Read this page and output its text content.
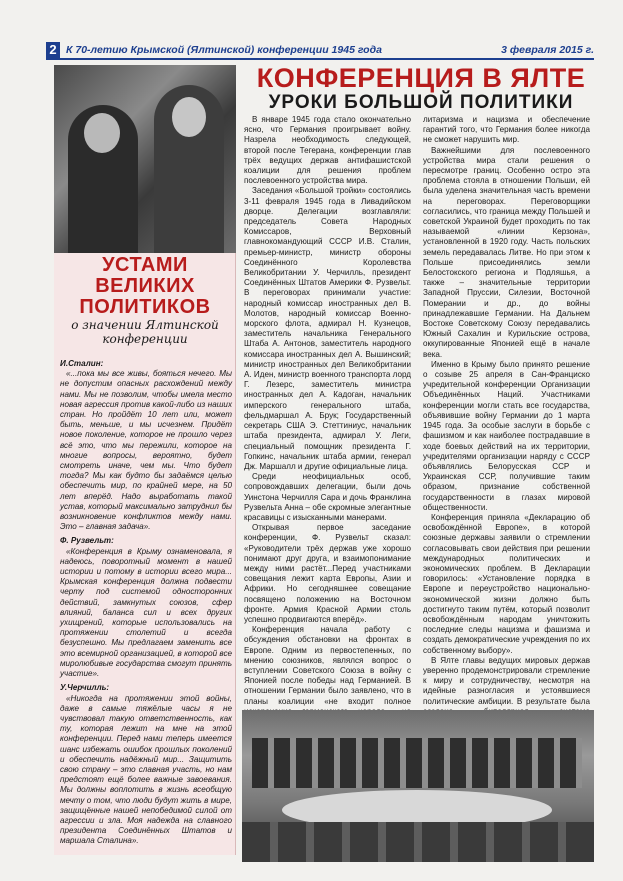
2 К 70-летию Крымской (Ялтинской) конференции 1945 года	3 февраля 2015 г.
УСТАМИ ВЕЛИКИХ ПОЛИТИКОВ
о значении Ялтинской конференции
И.Сталин:
«...пока мы все живы, бояться нечего. Мы не допустим опасных расхождений между нами. Мы не позволим, чтобы имела место новая агрессия против какой-либо из наших стран. Но пройдёт 10 лет или, может быть, меньше, и мы исчезнем. Придёт новое поколение, которое не прошло через всё это, что мы пережили, которое на многие вопросы, вероятно, будет смотреть иначе, чем мы. Что будет тогда? Мы как будто бы задаёмся целью обеспечить мир, по крайней мере, на 50 лет вперёд. Надо выработать такой устав, который максимально затруднил бы возникновение конфликтов между нами. Это – главная задача».
Ф. Рузвельт:
«Конференция в Крыму ознаменовала, я надеюсь, поворотный момент в нашей истории и потому в истории всего мира... Крымская конференция должна подвести черту под системой односторонних действий, замкнутых союзов, сфер влияний, баланса сил и всех других ухищрений, которые использовались на протяжении столетий и всегда безуспешно. Мы предлагаем заменить все это всемирной организацией, в которой все миролюбивые государства смогут принять участие».
У.Черчилль:
«Никогда на протяжении этой войны, даже в самые тяжёлые часы я не чувствовал такую ответственность, как ту, которая лежит на мне на этой конференции. Перед нами теперь имеется шанс избежать ошибок прошлых поколений и обеспечить надёжный мир... Защитить свою страну – это славная участь, но нам предстоят ещё более важные завоевания. Мы должны воплотить в жизнь всеобщую мечту о том, что люди будут жить в мире, защищённые нашей непобедимой силой от агрессии и зла. Моя надежда на славного президента Соединённых Штатов и маршала Сталина».
КОНФЕРЕНЦИЯ В ЯЛТЕ
УРОКИ БОЛЬШОЙ ПОЛИТИКИ

В январе 1945 года стало окончательно ясно, что Германия проигрывает войну. Назрела необходимость следующей, второй после Тегерана, конференции глав трёх ведущих держав антифашистской коалиции для решения проблем послевоенного устройства мира.

Заседания «Большой тройки» состоялись 3-11 февраля 1945 года в Ливадийском дворце. Делегации возглавляли: председатель Совета Народных Комиссаров, Верховный главнокомандующий СССР И.В. Сталин, премьер-министр, министр обороны Соединённого Королевства Великобритании У. Черчилль, президент Соединённых Штатов Америки Ф. Рузвельт. В переговорах принимали участие: народный комиссар иностранных дел В. Молотов, народный комиссар Военно-морского флота, адмирал Н. Кузнецов, заместитель начальника Генерального Штаба А. Антонов, заместитель народного комиссара иностранных дел А. Вышинский; министр иностранных дел Великобритании А. Иден, министр военного транспорта лорд Г. Лезерс, заместитель министра иностранных дел А. Кадоган, начальник имперского генерального штаба, фельдмаршал А. Брук; Государственный секретарь США Э. Стеттиниус, начальник штаба президента, адмирал У. Леги, специальный помощник президента Г. Гопкинс, начальник штаба армии, генерал Дж. Маршалл и другие официальные лица.

Среди неофициальных особ, сопровождавших делегации, были дочь Уинстона Черчилля Сара и дочь Франклина Рузвельта Анна – обе скромные элегантные красавицы с изысканными манерами.

Открывая первое заседание конференции, Ф. Рузвельт сказал: «Руководители трёх держав уже хорошо понимают друг друга, и взаимопонимание между ними растёт...Перед участниками совещания лежит карта Европы, Азии и Африки. Но сегодняшнее совещание посвящено положению на Восточном фронте. Армия Красной Армии столь успешно продвигаются вперёд».

Конференция начала работу с обсуждения обстановки на фронтах в Европе. Одним из первостепенных, по мнению союзников, являлся вопрос о вступлении Советского Союза в войну с Японией после победы над Германией. В отношении Германии было заявлено, что в планы коалиции «не входит полное

литаризма и нацизма и обеспечение гарантий того, что Германия более никогда не сможет нарушить мир.

Важнейшими для послевоенного устройства мира стали решения о пересмотре границ. Особенно остро эта проблема стояла в отношении Польши, ей была уделена значительная часть времени на переговорах. Переговорщики согласились, что граница между Польшей и советской Украиной будет проходить по так называемой «линии Керзона», установленной в 1920 году. Часть польских земель передавалась Литве. Но при этом к Польше присоединялись земли Белостокского региона и Подляшья, а также – значительные территории Западной Пруссии, Силезии, Восточной Померании и др., до войны принадлежавшие Германии. На Дальнем Востоке Советскому Союзу передавались Южный Сахалин и Курильские острова, оккупированные Японией ещё в начале века.

Именно в Крыму было принято решение о созыве 25 апреля в Сан-Франциско учредительной конференции Организации Объединённых Наций. Участниками конференции могли стать все государства, объявившие войну Германии до 1 марта 1945 года. За особые заслуги в борьбе с фашизмом и как наиболее пострадавшие в ходе боевых действий на их территории, учредителями организации наряду с СССР объявлялись Белорусская ССР и Украинская ССР, получившие таким образом, признание собственной государственности в глазах мировой общественности.

Конференция приняла «Декларацию об освобождённой Европе», в которой союзные державы заявили о стремлении согласовывать свои действия при решении международных политических и экономических проблем. В Декларации говорилось: «Установление порядка в Европе и переустройство национально-экономической жизни должно быть достигнуто таким путём, который позволит освобождённым народам уничтожить последние следы нацизма и фашизма и создать демократические учреждения по их собственному выбору».

В Ялте главы ведущих мировых держав уверенно продемонстрировали стремление к миру и сотрудничеству, несмотря на идейные разногласия и устоявшиеся политические амбиции. В результате была
